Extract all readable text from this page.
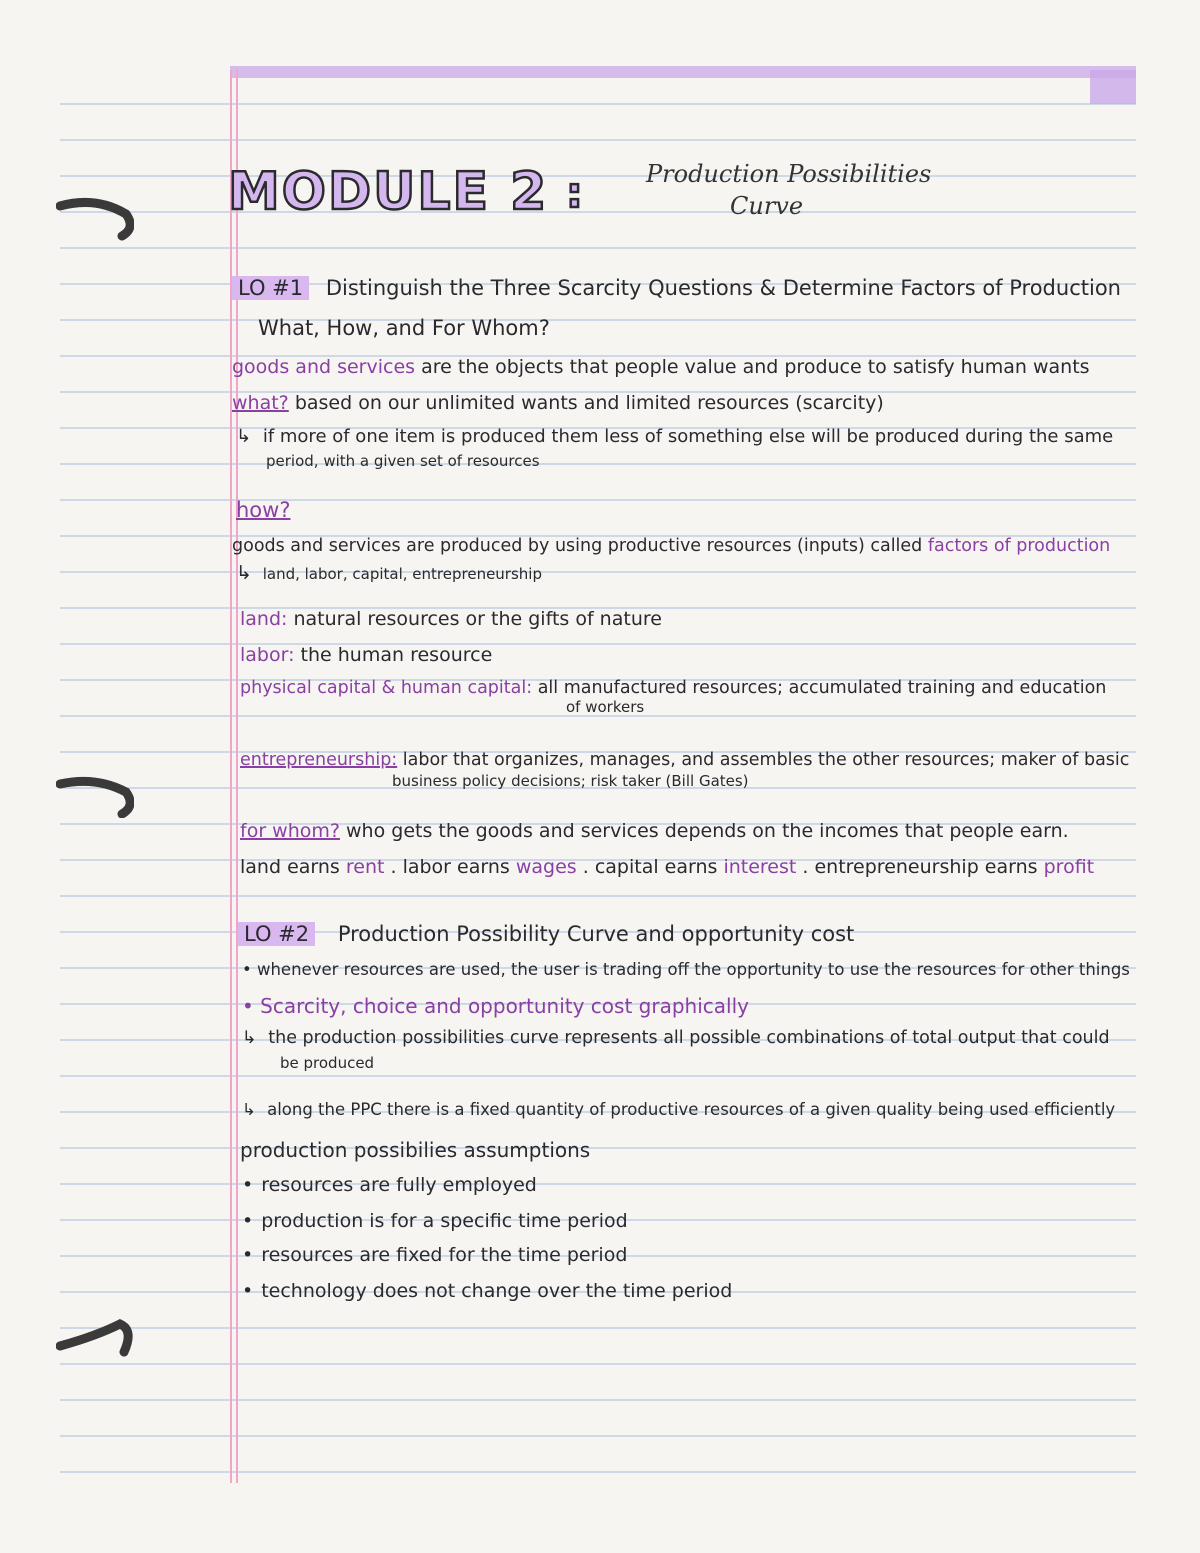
MODULE 2 :	Production Possibilities
Curve
LO #1 Distinguish the Three Scarcity Questions & Determine Factors of Production
What, How, and For Whom?
goods and services are the objects that people value and produce to satisfy human wants
what? based on our unlimited wants and limited resources (scarcity)
↳ if more of one item is produced them less of something else will be produced during the same
period, with a given set of resources
how?
goods and services are produced by using productive resources (inputs) called factors of production
↳ land, labor, capital, entrepreneurship
land: natural resources or the gifts of nature
labor: the human resource
physical capital & human capital: all manufactured resources; accumulated training and education
of workers
entrepreneurship: labor that organizes, manages, and assembles the other resources; maker of basic
business policy decisions; risk taker (Bill Gates)
for whom? who gets the goods and services depends on the incomes that people earn.
land earns rent . labor earns wages . capital earns interest . entrepreneurship earns profit
LO #2 Production Possibility Curve and opportunity cost
• whenever resources are used, the user is trading off the opportunity to use the resources for other things
• Scarcity, choice and opportunity cost graphically
↳ the production possibilities curve represents all possible combinations of total output that could
be produced
↳ along the PPC there is a fixed quantity of productive resources of a given quality being used efficiently
production possibilies assumptions
• resources are fully employed
• production is for a specific time period
• resources are fixed for the time period
• technology does not change over the time period
